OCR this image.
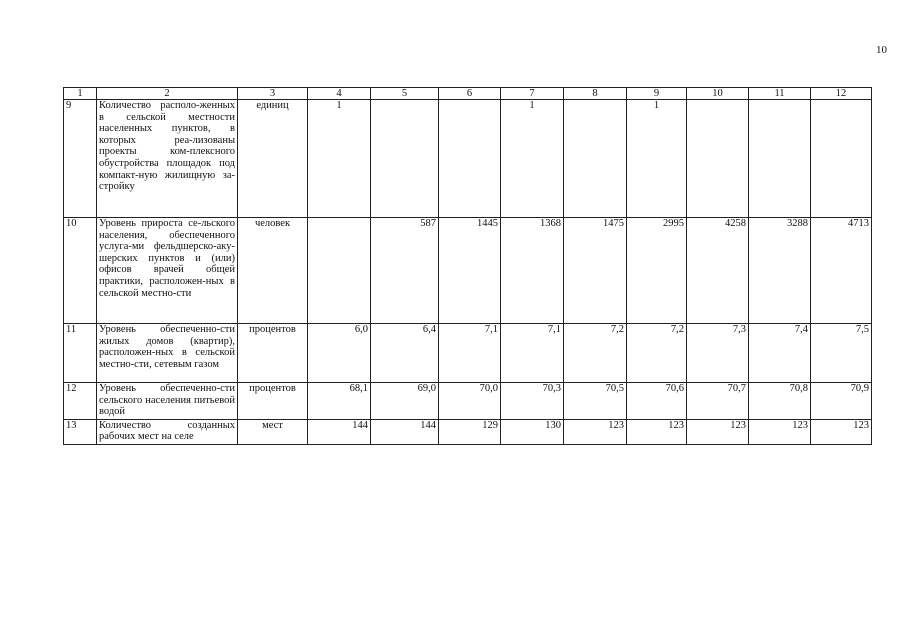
10
1	2	3	4	5	6	7	8	9	10	11	12
9	Количество располо-женных в сельской местности населенных пунктов, в которых реа-лизованы проекты ком-плексного обустройства площадок под компакт-ную жилищную за-стройку	единиц	1			1		1			
10	Уровень прироста се-льского населения, обеспеченного услуга-ми фельдшерско-аку-шерских пунктов и (или) офисов врачей общей практики, расположен-ных в сельской местно-сти	человек		587	1445	1368	1475	2995	4258	3288	4713
11	Уровень обеспеченно-сти жилых домов (квартир), расположен-ных в сельской местно-сти, сетевым газом	процентов	6,0	6,4	7,1	7,1	7,2	7,2	7,3	7,4	7,5
12	Уровень обеспеченно-сти сельского населения питьевой водой	процентов	68,1	69,0	70,0	70,3	70,5	70,6	70,7	70,8	70,9
13	Количество созданных рабочих мест на селе	мест	144	144	129	130	123	123	123	123	123
